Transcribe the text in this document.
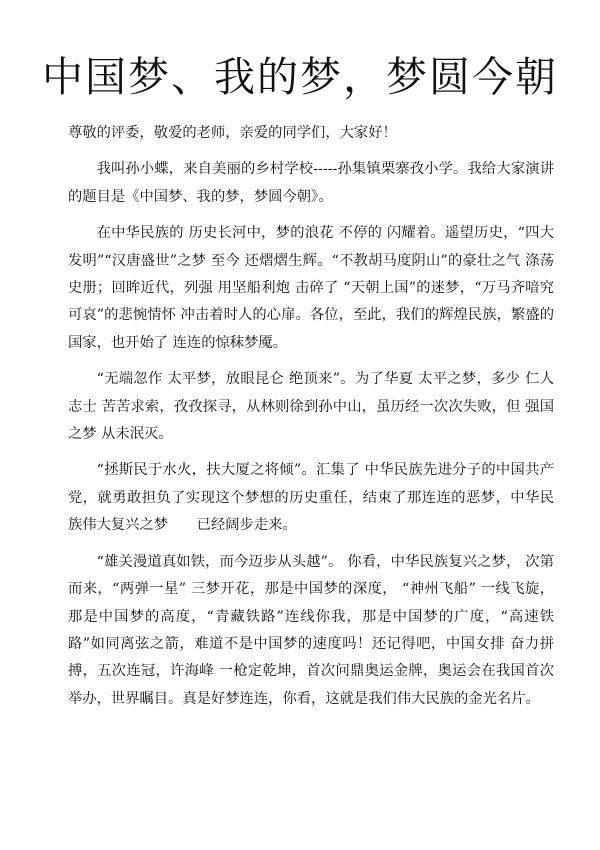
中国梦、我的梦，梦圆今朝

尊敬的评委，敬爱的老师，亲爱的同学们，大家好！

我叫孙小蝶，来自美丽的乡村学校-----孙集镇栗寨孜小学。我给大家演讲的题目是《中国梦、我的梦，梦圆今朝》。

在中华民族的 历史长河中，梦的浪花 不停的 闪耀着。遥望历史，“四大发明”“汉唐盛世”之梦 至今 还熠熠生辉。“不教胡马度阴山”的豪壮之气 涤荡史册；回眸近代，列强 用坚船利炮 击碎了 “天朝上国”的迷梦，“万马齐喑究可哀”的悲惋情怀 冲击着时人的心扉。各位，至此，我们的辉煌民族，繁盛的国家，也开始了 连连的惊秣梦魇。

“无端忽作 太平梦，放眼昆仑 绝顶来”。为了华夏 太平之梦，多少 仁人志士 苦苦求索，孜孜探寻，从林则徐到孙中山，虽历经一次次失败，但 强国之梦 从未泯灭。

“拯斯民于水火，扶大厦之将倾”。汇集了 中华民族先进分子的中国共产党，就勇敢担负了实现这个梦想的历史重任，结束了那连连的恶梦，中华民族伟大复兴之梦　　已经阔步走来。

“雄关漫道真如铁，而今迈步从头越”。 你看，中华民族复兴之梦， 次第而来，“两弹一星” 三梦开花，那是中国梦的深度， “神州飞船” 一线飞旋，那是中国梦的高度，“青藏铁路”连线你我，那是中国梦的广度，“高速铁路”如同离弦之箭，难道不是中国梦的速度吗！还记得吧，中国女排 奋力拼搏，五次连冠，许海峰 一枪定乾坤，首次问鼎奥运金牌，奥运会在我国首次举办，世界瞩目。真是好梦连连，你看，这就是我们伟大民族的金光名片。
